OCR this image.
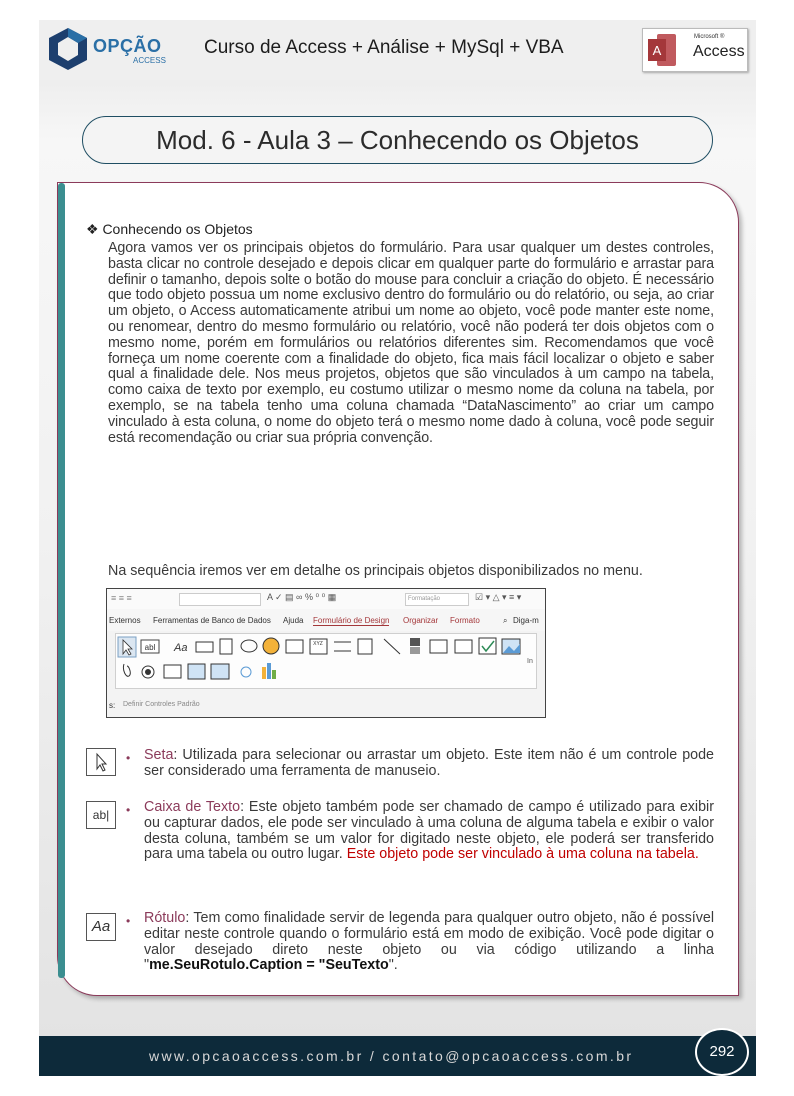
OPÇÃO
ACCESS
Curso de Access + Análise + MySql + VBA	A
Microsoft ®
Access
Mod. 6 - Aula 3 – Conhecendo os Objetos
❖ Conhecendo os Objetos
Agora vamos ver os principais objetos do formulário. Para usar qualquer um destes controles, basta clicar no controle desejado e depois clicar em qualquer parte do formulário e arrastar para definir o tamanho, depois solte o botão do mouse para concluir a criação do objeto. É necessário que todo objeto possua um nome exclusivo dentro do formulário ou do relatório, ou seja, ao criar um objeto, o Access automaticamente atribui um nome ao objeto, você pode manter este nome, ou renomear, dentro do mesmo formulário ou relatório, você não poderá ter dois objetos com o mesmo nome, porém em formulários ou relatórios diferentes sim. Recomendamos que você forneça um nome coerente com a finalidade do objeto, fica mais fácil localizar o objeto e saber qual a finalidade dele. Nos meus projetos, objetos que são vinculados à um campo na tabela, como caixa de texto por exemplo, eu costumo utilizar o mesmo nome da coluna na tabela, por exemplo, se na tabela tenho uma coluna chamada “DataNascimento” ao criar um campo vinculado à esta coluna, o nome do objeto terá o mesmo nome dado à coluna, você pode seguir está recomendação ou criar sua própria convenção.
Na sequência iremos ver em detalhe os principais objetos disponibilizados no menu.
≡ ≡ ≡	A ✓ ▤ ∞ % ⁰ ⁰ ▦	Formatação	☑ ▾ △ ▾ ≡ ▾
Externos Ferramentas de Banco de Dados Ajuda Formulário de Design Organizar Formato	⌕ Diga-m
abl Aa	XYZ
In
s: Definir Controles Padrão
• Seta: Utilizada para selecionar ou arrastar um objeto. Este item não é um controle pode ser considerado uma ferramenta de manuseio.
ab|	• Caixa de Texto: Este objeto também pode ser chamado de campo é utilizado para exibir ou capturar dados, ele pode ser vinculado à uma coluna de alguma tabela e exibir o valor desta coluna, também se um valor for digitado neste objeto, ele poderá ser transferido para uma tabela ou outro lugar. Este objeto pode ser vinculado à uma coluna na tabela.
Aa	• Rótulo: Tem como finalidade servir de legenda para qualquer outro objeto, não é possível editar neste controle quando o formulário está em modo de exibição. Você pode digitar o valor desejado direto neste objeto ou via código utilizando a linha "me.SeuRotulo.Caption = "SeuTexto".
www.opcaoaccess.com.br / contato@opcaoaccess.com.br	292
